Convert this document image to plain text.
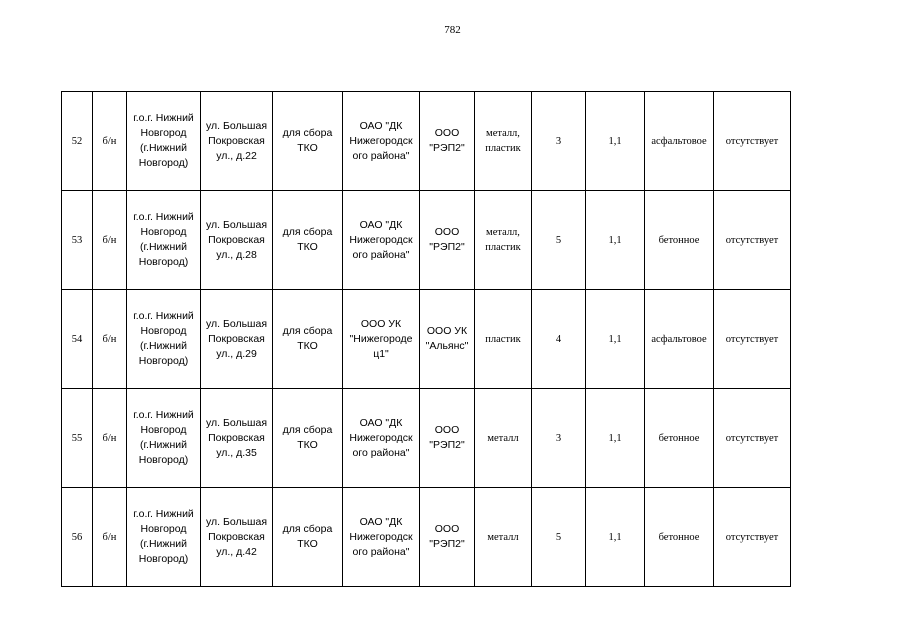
782
52	б/н	г.о.г. Нижний Новгород (г.Нижний Новгород)	ул. Большая Покровская ул., д.22	для сбора ТКО	ОАО "ДК Нижегородск ого района"	ООО "РЭП2"	металл, пластик	3	1,1	асфальтовое	отсутствует
53	б/н	г.о.г. Нижний Новгород (г.Нижний Новгород)	ул. Большая Покровская ул., д.28	для сбора ТКО	ОАО "ДК Нижегородск ого района"	ООО "РЭП2"	металл, пластик	5	1,1	бетонное	отсутствует
54	б/н	г.о.г. Нижний Новгород (г.Нижний Новгород)	ул. Большая Покровская ул., д.29	для сбора ТКО	ООО УК "Нижегороде ц1"	ООО УК "Альянс"	пластик	4	1,1	асфальтовое	отсутствует
55	б/н	г.о.г. Нижний Новгород (г.Нижний Новгород)	ул. Большая Покровская ул., д.35	для сбора ТКО	ОАО "ДК Нижегородск ого района"	ООО "РЭП2"	металл	3	1,1	бетонное	отсутствует
56	б/н	г.о.г. Нижний Новгород (г.Нижний Новгород)	ул. Большая Покровская ул., д.42	для сбора ТКО	ОАО "ДК Нижегородск ого района"	ООО "РЭП2"	металл	5	1,1	бетонное	отсутствует
